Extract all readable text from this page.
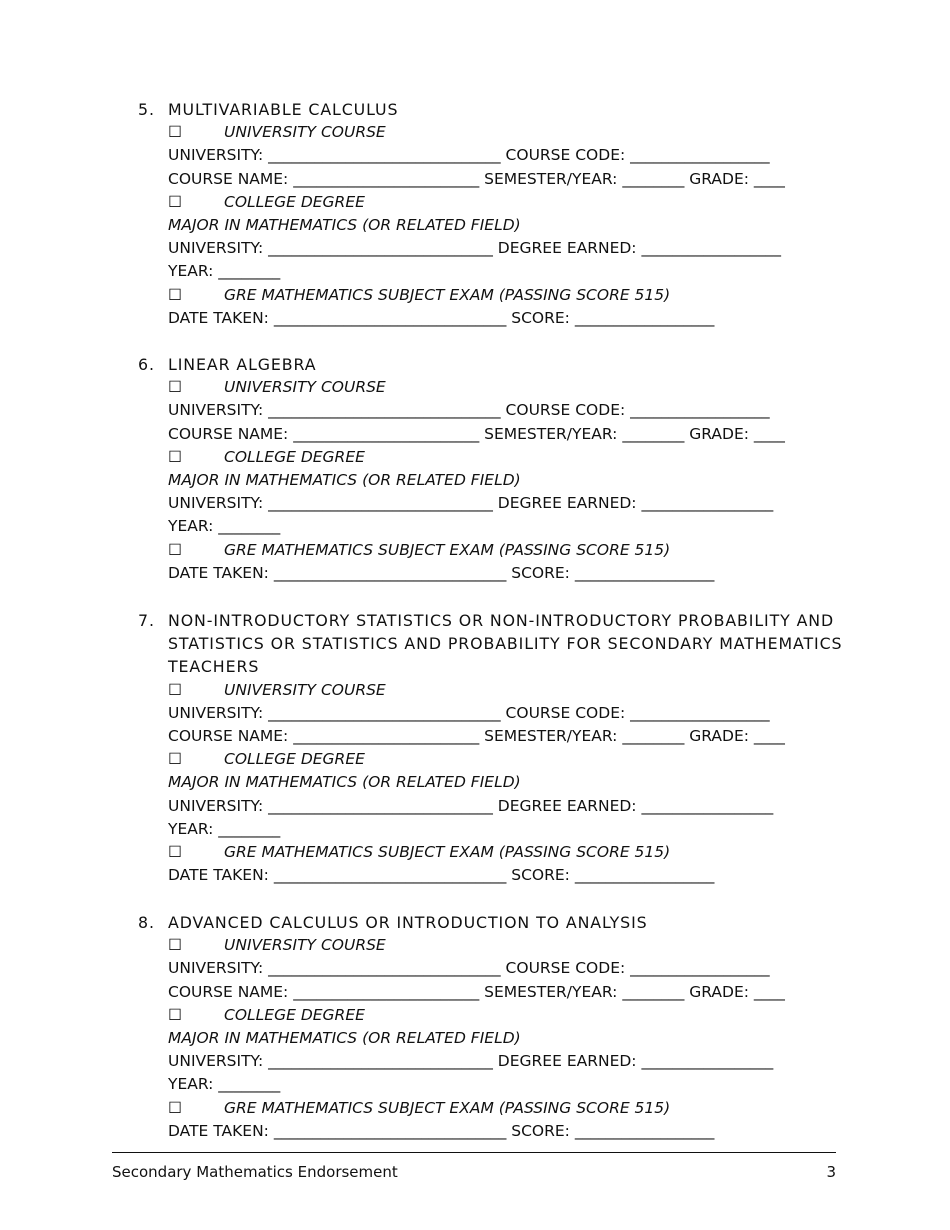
5. MULTIVARIABLE CALCULUS
☐	UNIVERSITY COURSE
UNIVERSITY: ______________________________ COURSE CODE: __________________
COURSE NAME: ________________________ SEMESTER/YEAR: ________ GRADE: ____
☐	COLLEGE DEGREE
MAJOR IN MATHEMATICS (OR RELATED FIELD)
UNIVERSITY: _____________________________ DEGREE EARNED: __________________
YEAR: ________
☐	GRE MATHEMATICS SUBJECT EXAM (PASSING SCORE 515)
DATE TAKEN: ______________________________ SCORE: __________________
6. LINEAR ALGEBRA
☐	UNIVERSITY COURSE
UNIVERSITY: ______________________________ COURSE CODE: __________________
COURSE NAME: ________________________ SEMESTER/YEAR: ________ GRADE: ____
☐	COLLEGE DEGREE
MAJOR IN MATHEMATICS (OR RELATED FIELD)
UNIVERSITY: _____________________________ DEGREE EARNED: _________________
YEAR: ________
☐	GRE MATHEMATICS SUBJECT EXAM (PASSING SCORE 515)
DATE TAKEN: ______________________________ SCORE: __________________
7. NON-INTRODUCTORY STATISTICS OR NON-INTRODUCTORY PROBABILITY AND
STATISTICS OR STATISTICS AND PROBABILITY FOR SECONDARY MATHEMATICS
TEACHERS
☐	UNIVERSITY COURSE
UNIVERSITY: ______________________________ COURSE CODE: __________________
COURSE NAME: ________________________ SEMESTER/YEAR: ________ GRADE: ____
☐	COLLEGE DEGREE
MAJOR IN MATHEMATICS (OR RELATED FIELD)
UNIVERSITY: _____________________________ DEGREE EARNED: _________________
YEAR: ________
☐	GRE MATHEMATICS SUBJECT EXAM (PASSING SCORE 515)
DATE TAKEN: ______________________________ SCORE: __________________
8. ADVANCED CALCULUS OR INTRODUCTION TO ANALYSIS
☐	UNIVERSITY COURSE
UNIVERSITY: ______________________________ COURSE CODE: __________________
COURSE NAME: ________________________ SEMESTER/YEAR: ________ GRADE: ____
☐	COLLEGE DEGREE
MAJOR IN MATHEMATICS (OR RELATED FIELD)
UNIVERSITY: _____________________________ DEGREE EARNED: _________________
YEAR: ________
☐	GRE MATHEMATICS SUBJECT EXAM (PASSING SCORE 515)
DATE TAKEN: ______________________________ SCORE: __________________
Secondary Mathematics Endorsement	3
